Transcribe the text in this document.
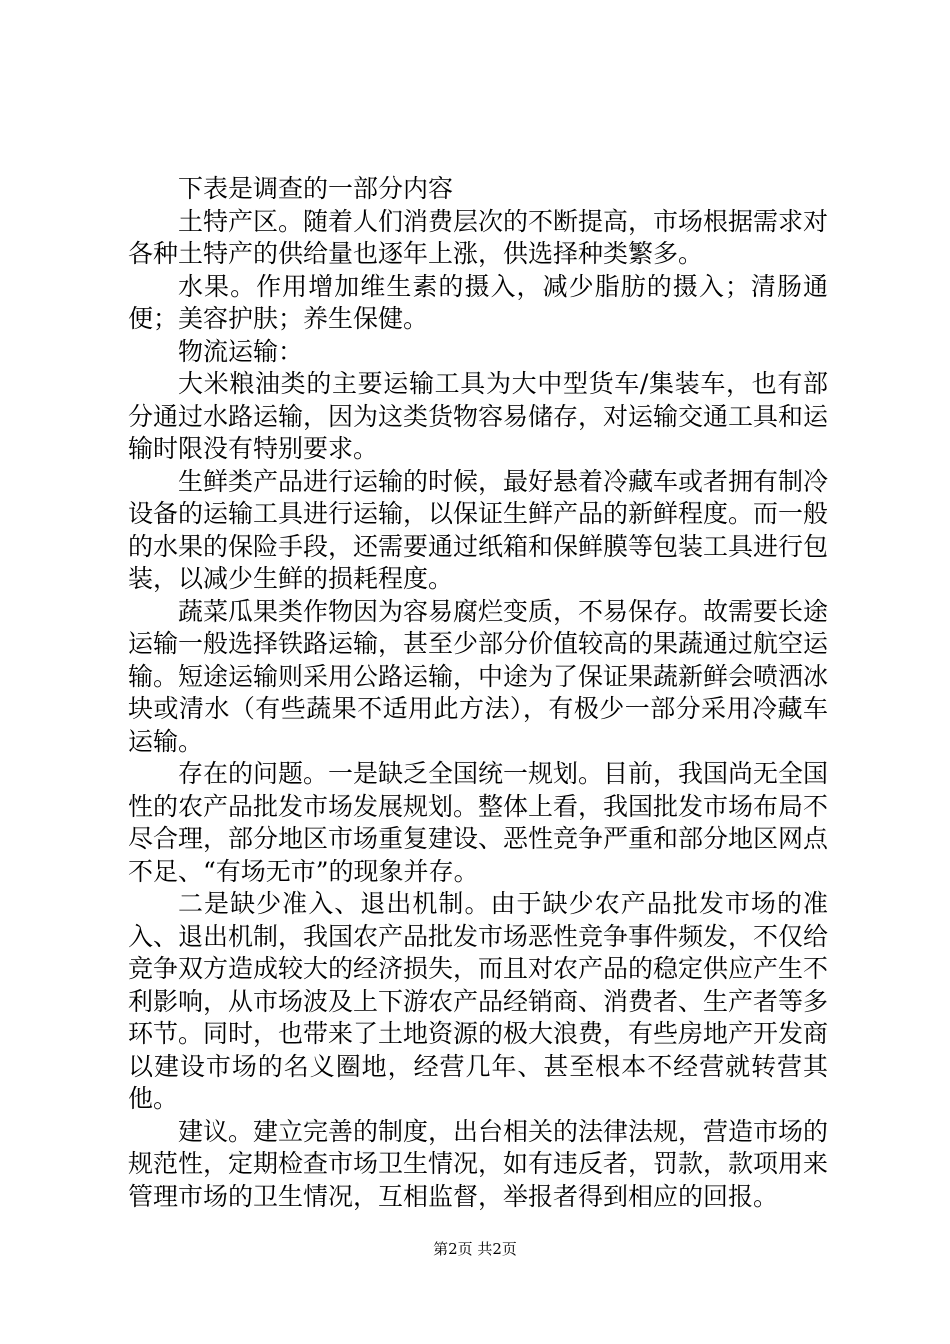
下表是调查的一部分内容

土特产区。随着人们消费层次的不断提高，市场根据需求对各种土特产的供给量也逐年上涨，供选择种类繁多。

水果。作用增加维生素的摄入，减少脂肪的摄入；清肠通便；美容护肤；养生保健。

物流运输：

大米粮油类的主要运输工具为大中型货车/集装车，也有部分通过水路运输，因为这类货物容易储存，对运输交通工具和运输时限没有特别要求。

生鲜类产品进行运输的时候，最好悬着冷藏车或者拥有制冷设备的运输工具进行运输，以保证生鲜产品的新鲜程度。而一般的水果的保险手段，还需要通过纸箱和保鲜膜等包装工具进行包装，以减少生鲜的损耗程度。

蔬菜瓜果类作物因为容易腐烂变质，不易保存。故需要长途运输一般选择铁路运输，甚至少部分价值较高的果蔬通过航空运输。短途运输则采用公路运输，中途为了保证果蔬新鲜会喷洒冰块或清水（有些蔬果不适用此方法），有极少一部分采用冷藏车运输。

存在的问题。一是缺乏全国统一规划。目前，我国尚无全国性的农产品批发市场发展规划。整体上看，我国批发市场布局不尽合理，部分地区市场重复建设、恶性竞争严重和部分地区网点不足、“有场无市”的现象并存。

二是缺少准入、退出机制。由于缺少农产品批发市场的准入、退出机制，我国农产品批发市场恶性竞争事件频发，不仅给竞争双方造成较大的经济损失，而且对农产品的稳定供应产生不利影响，从市场波及上下游农产品经销商、消费者、生产者等多环节。同时，也带来了土地资源的极大浪费，有些房地产开发商以建设市场的名义圈地，经营几年、甚至根本不经营就转营其他。

建议。建立完善的制度，出台相关的法律法规，营造市场的规范性，定期检查市场卫生情况，如有违反者，罚款，款项用来管理市场的卫生情况，互相监督，举报者得到相应的回报。

第2页 共2页
